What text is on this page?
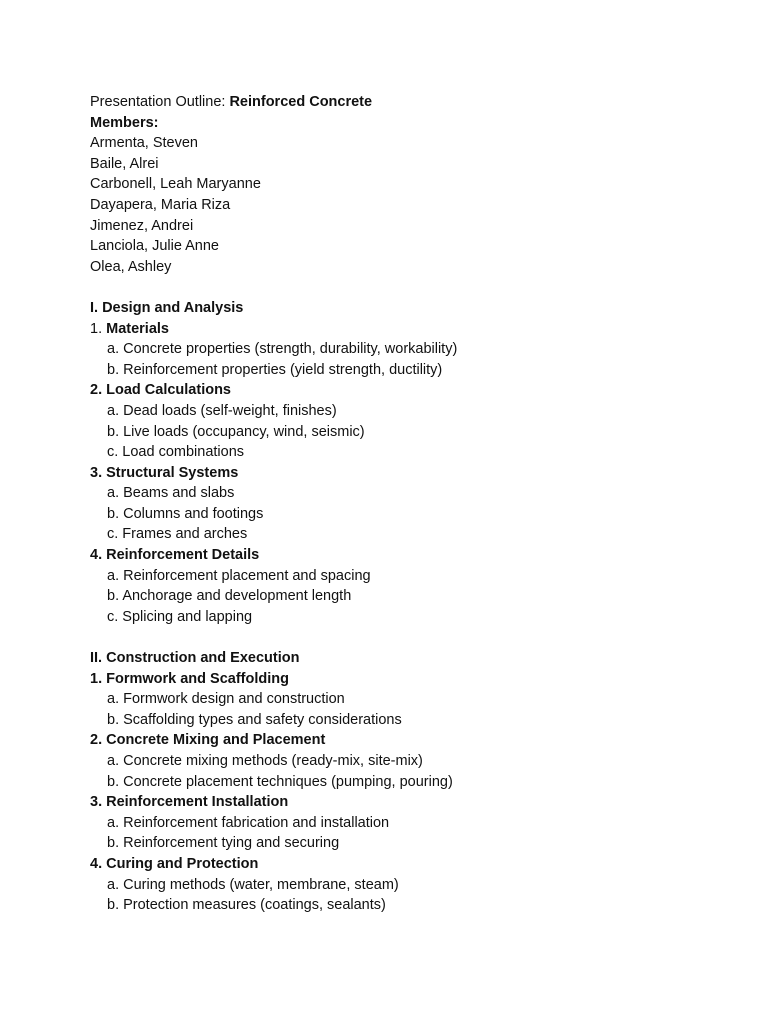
Presentation Outline: Reinforced Concrete
Members:
Armenta, Steven
Baile, Alrei
Carbonell, Leah Maryanne
Dayapera, Maria Riza
Jimenez, Andrei
Lanciola, Julie Anne
Olea, Ashley
I. Design and Analysis
1. Materials
a. Concrete properties (strength, durability, workability)
b. Reinforcement properties (yield strength, ductility)
2. Load Calculations
a. Dead loads (self-weight, finishes)
b. Live loads (occupancy, wind, seismic)
c. Load combinations
3. Structural Systems
a. Beams and slabs
b. Columns and footings
c. Frames and arches
4. Reinforcement Details
a. Reinforcement placement and spacing
b. Anchorage and development length
c. Splicing and lapping
II. Construction and Execution
1. Formwork and Scaffolding
a. Formwork design and construction
b. Scaffolding types and safety considerations
2. Concrete Mixing and Placement
a. Concrete mixing methods (ready-mix, site-mix)
b. Concrete placement techniques (pumping, pouring)
3. Reinforcement Installation
a. Reinforcement fabrication and installation
b. Reinforcement tying and securing
4. Curing and Protection
a. Curing methods (water, membrane, steam)
b. Protection measures (coatings, sealants)
